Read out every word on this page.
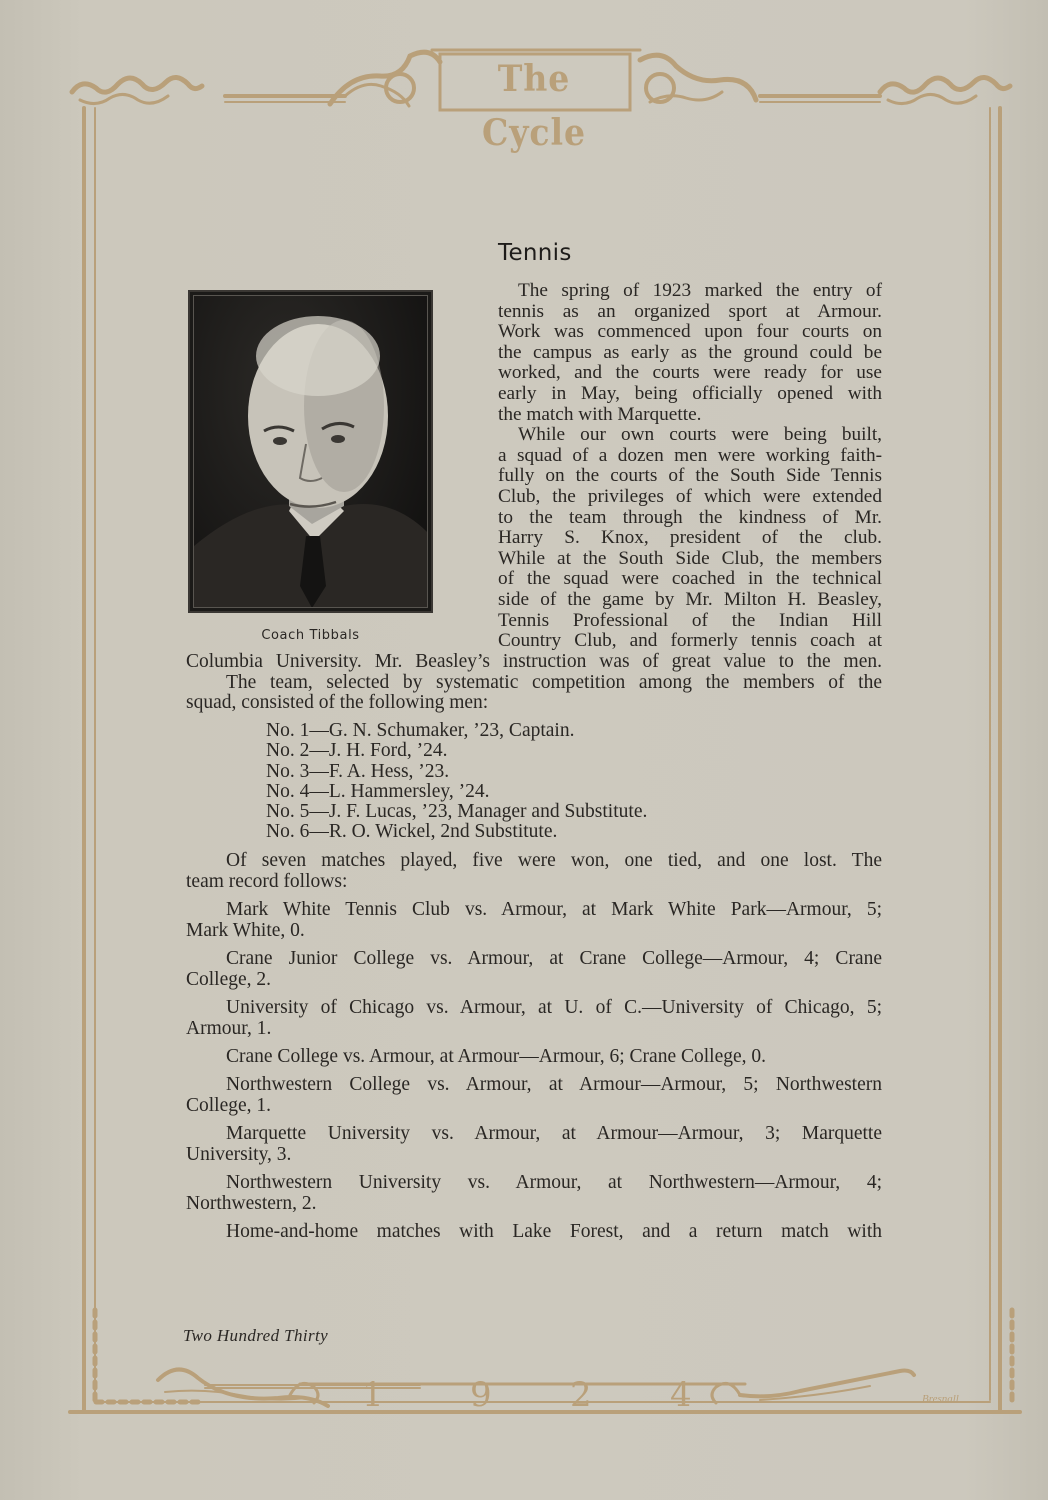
The Cycle
Tennis
Coach Tibbals
The spring of 1923 marked the entry of
tennis as an organized sport at Armour.
Work was commenced upon four courts on
the campus as early as the ground could be
worked, and the courts were ready for use
early in May, being officially opened with
the match with Marquette.
While our own courts were being built,
a squad of a dozen men were working faith-
fully on the courts of the South Side Tennis
Club, the privileges of which were extended
to the team through the kindness of Mr.
Harry S. Knox, president of the club.
While at the South Side Club, the members
of the squad were coached in the technical
side of the game by Mr. Milton H. Beasley,
Tennis Professional of the Indian Hill
Country Club, and formerly tennis coach at
Columbia University. Mr. Beasley’s instruction was of great value to the men.
The team, selected by systematic competition among the members of the
squad, consisted of the following men:
No. 1—G. N. Schumaker, ’23, Captain.
No. 2—J. H. Ford, ’24.
No. 3—F. A. Hess, ’23.
No. 4—L. Hammersley, ’24.
No. 5—J. F. Lucas, ’23, Manager and Substitute.
No. 6—R. O. Wickel, 2nd Substitute.
Of seven matches played, five were won, one tied, and one lost. The
team record follows:
Mark White Tennis Club vs. Armour, at Mark White Park—Armour, 5;
Mark White, 0.
Crane Junior College vs. Armour, at Crane College—Armour, 4; Crane
College, 2.
University of Chicago vs. Armour, at U. of C.—University of Chicago, 5;
Armour, 1.
Crane College vs. Armour, at Armour—Armour, 6; Crane College, 0.
Northwestern College vs. Armour, at Armour—Armour, 5; Northwestern
College, 1.
Marquette University vs. Armour, at Armour—Armour, 3; Marquette
University, 3.
Northwestern University vs. Armour, at Northwestern—Armour, 4;
Northwestern, 2.
Home-and-home matches with Lake Forest, and a return match with
Two Hundred Thirty
1	9 2 4	Bresnall
